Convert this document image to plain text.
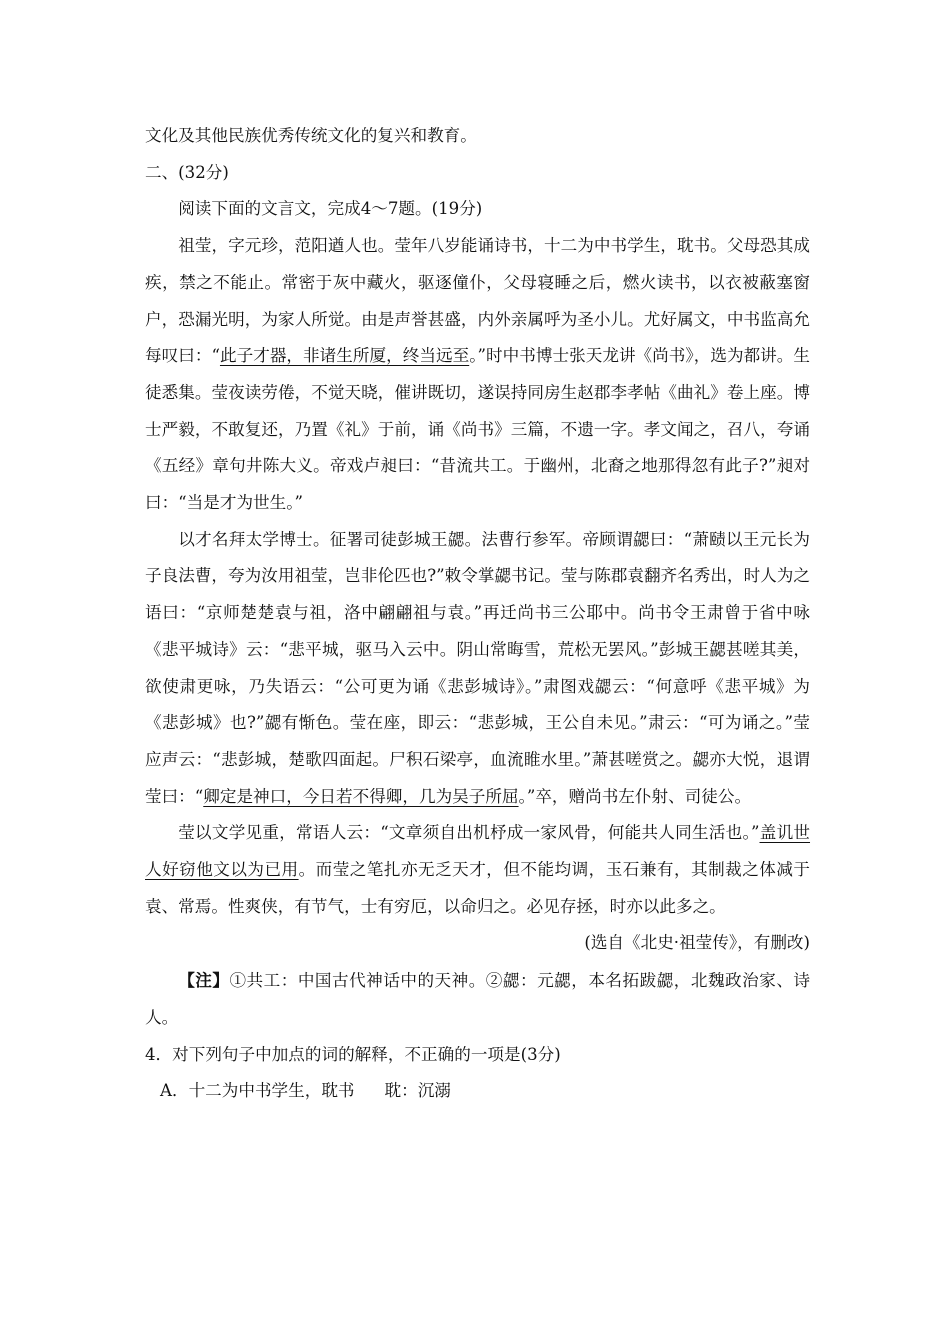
文化及其他民族优秀传统文化的复兴和教育。

二、(32分)

阅读下面的文言文，完成4～7题。(19分)

祖莹，字元珍，范阳遒人也。莹年八岁能诵诗书，十二为中书学生，耽书。父母恐其成疾，禁之不能止。常密于灰中藏火，驱逐僮仆，父母寝睡之后，燃火读书，以衣被蔽塞窗户，恐漏光明，为家人所觉。由是声誉甚盛，内外亲属呼为圣小儿。尤好属文，中书监高允每叹曰：“此子才器，非诸生所厦，终当远至。”时中书博士张天龙讲《尚书》，选为都讲。生徒悉集。莹夜读劳倦，不觉天晓，催讲既切，遂误持同房生赵郡李孝帖《曲礼》卷上座。博士严毅，不敢复还，乃置《礼》于前，诵《尚书》三篇，不遗一字。孝文闻之，召八，夸诵《五经》章句井陈大义。帝戏卢昶曰：“昔流共工。于幽州，北裔之地那得忽有此子?”昶对曰：“当是才为世生。”

以才名拜太学博士。征署司徒彭城王勰。法曹行参军。帝顾谓勰曰：“萧赜以王元长为子良法曹，夸为汝用祖莹，岂非伦匹也?”敕令掌勰书记。莹与陈郡袁翻齐名秀出，时人为之语曰：“京师楚楚袁与祖，洛中翩翩祖与袁。”再迁尚书三公耶中。尚书令王肃曾于省中咏《悲平城诗》云：“悲平城，驱马入云中。阴山常晦雪，荒松无罢风。”彭城王勰甚嗟其美，欲使肃更咏，乃失语云：“公可更为诵《悲彭城诗》。”肃图戏勰云：“何意呼《悲平城》为《悲彭城》也?”勰有惭色。莹在座，即云：“悲彭城，王公自未见。”肃云：“可为诵之。”莹应声云：“悲彭城，楚歌四面起。尸积石梁亭，血流睢水里。”萧甚嗟赏之。勰亦大悦，退谓莹曰：“卿定是神口，今日若不得卿，几为吴子所屈。”卒，赠尚书左仆射、司徒公。

莹以文学见重，常语人云：“文章须自出机杼成一家风骨，何能共人同生活也。”盖讥世人好窃他文以为已用。而莹之笔扎亦无乏天才，但不能均调，玉石兼有，其制裁之体减于袁、常焉。性爽侠，有节气，士有穷厄，以命归之。必见存拯，时亦以此多之。

(选自《北史·祖莹传》，有删改)

【注】①共工：中国古代神话中的天神。②勰：元勰，本名拓跋勰，北魏政治家、诗人。

4．对下列句子中加点的词的解释，不正确的一项是(3分)

A．十二为中书学生，耽书 耽：沉溺
